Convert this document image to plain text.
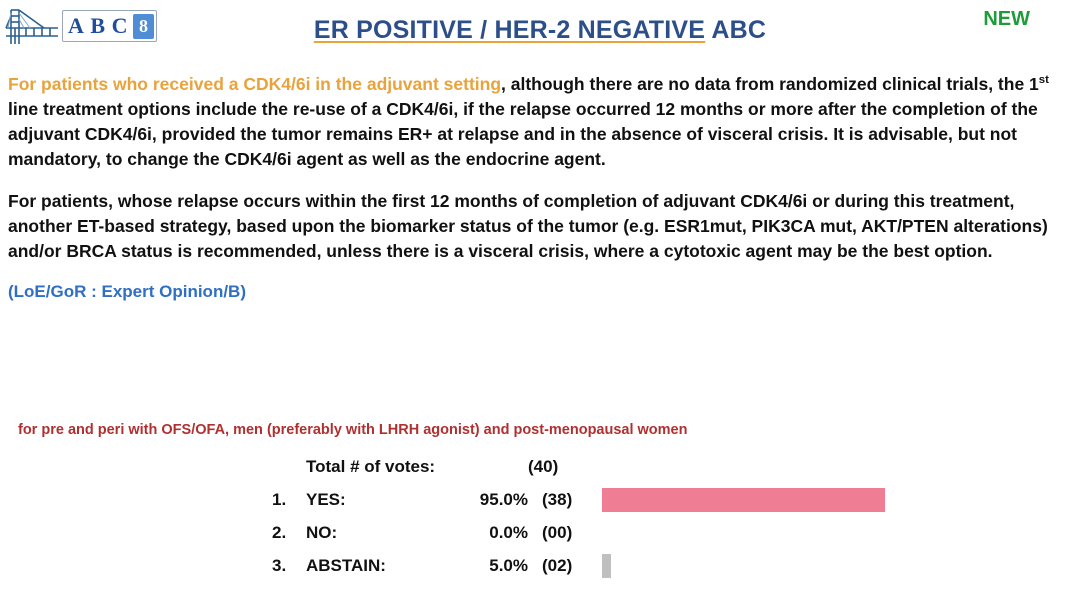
A B C 8	ER POSITIVE / HER-2 NEGATIVE ABC	NEW

For patients who received a CDK4/6i in the adjuvant setting, although there are no data from randomized clinical trials, the 1st line treatment options include the re-use of a CDK4/6i, if the relapse occurred 12 months or more after the completion of the adjuvant CDK4/6i, provided the tumor remains ER+ at relapse and in the absence of visceral crisis. It is advisable, but not mandatory, to change the CDK4/6i agent as well as the endocrine agent.

For patients, whose relapse occurs within the first 12 months of completion of adjuvant CDK4/6i or during this treatment, another ET-based strategy, based upon the biomarker status of the tumor (e.g. ESR1mut, PIK3CA mut, AKT/PTEN alterations) and/or BRCA status is recommended, unless there is a visceral crisis, where a cytotoxic agent may be the best option.

(LoE/GoR : Expert Opinion/B)

for pre and peri with OFS/OFA, men (preferably with LHRH agonist) and post-menopausal women
Total # of votes:	(40)
1.	YES:	95.0% (38)
2.	NO:	0.0% (00)
3.	ABSTAIN:	5.0% (02)
